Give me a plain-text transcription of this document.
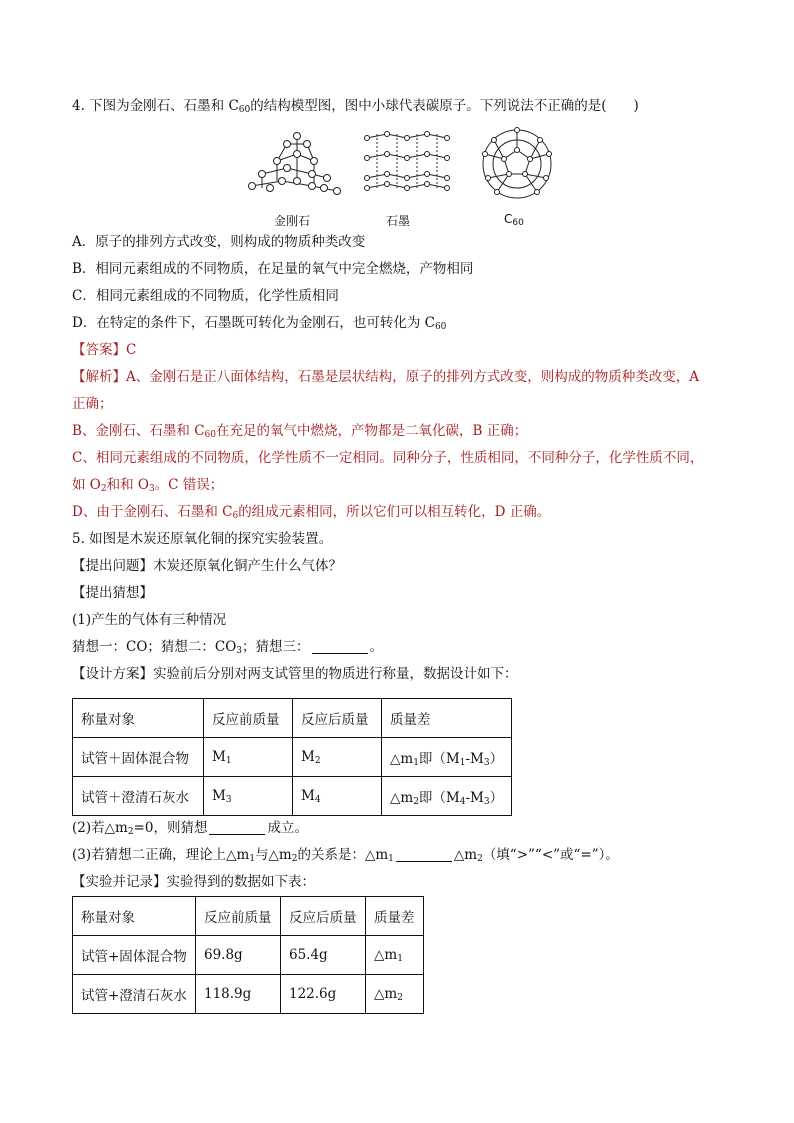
4. 下图为金刚石、石墨和 $C_{60}$的结构模型图，图中小球代表碳原子。下列说法不正确的是(　　)
金刚石	石墨	$C_{60}$
A．原子的排列方式改变，则构成的物质种类改变
B．相同元素组成的不同物质，在足量的氧气中完全燃烧，产物相同
C．相同元素组成的不同物质，化学性质相同
D．在特定的条件下，石墨既可转化为金刚石，也可转化为 $C_{60}$
【答案】C
【解析】A、金刚石是正八面体结构，石墨是层状结构，原子的排列方式改变，则构成的物质种类改变，A
正确；
B、金刚石、石墨和 $C_{60}$在充足的氧气中燃烧，产物都是二氧化碳，B 正确；
C、相同元素组成的不同物质，化学性质不一定相同。同种分子，性质相同，不同种分子，化学性质不同，
如 $O_2$和和 $O_3$。C 错误；
D、由于金刚石、石墨和 $C_6$的组成元素相同，所以它们可以相互转化，D 正确。
5. 如图是木炭还原氧化铜的探究实验装置。
【提出问题】木炭还原氧化铜产生什么气体？
【提出猜想】
(1)产生的气体有三种情况
猜想一：CO；猜想二：$CO_3$；猜想三：	。
【设计方案】实验前后分别对两支试管里的物质进行称量，数据设计如下：
称量对象	反应前质量	反应后质量	质量差
试管＋固体混合物	$M_1$	$M_2$	$\triangle m_1$即$(M_1-M_3)$
试管＋澄清石灰水	$M_3$	$M_4$	$\triangle m_2$即$(M_4-M_3)$
(2)若$\triangle m_2=0$，则猜想	成立。
(3)若猜想二正确，理论上$\triangle m_1$与$\triangle m_2$的关系是：$\triangle m_1$	$\triangle m_2$（填“>”“<”或“=”）。
【实验并记录】实验得到的数据如下表：
称量对象	反应前质量	反应后质量	质量差
试管+固体混合物	69.8g	65.4g	$\triangle m_1$
试管+澄清石灰水	118.9g	122.6g	$\triangle m_2$
